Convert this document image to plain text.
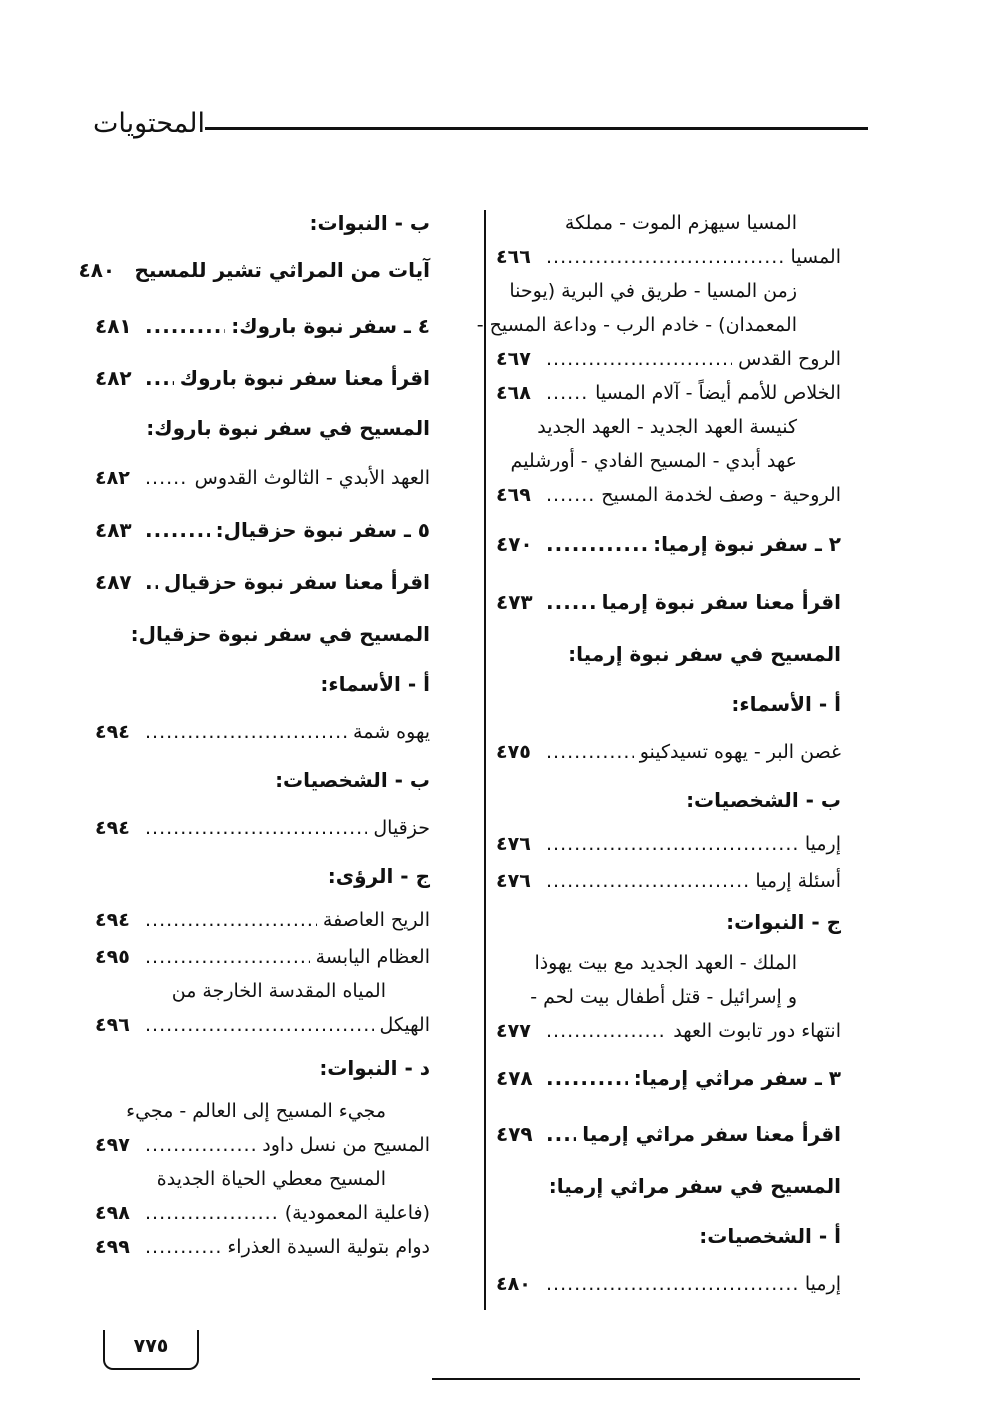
المحتويات
المسيا سيهزم الموت - مملكة
المسيا
.....
٤٦٦
زمن المسيا - طريق في البرية (يوحنا
المعمدان) - خادم الرب - وداعة المسيح -
الروح القدس
.....
٤٦٧
الخلاص للأمم أيضاً - آلام المسيا
.....
٤٦٨
كنيسة العهد الجديد - العهد الجديد
عهد أبدي - المسيح الفادي - أورشليم
الروحية - وصف لخدمة المسيح
.....
٤٦٩
٢ ـ سفر نبوة إرميا:
.....
٤٧٠
اقرأ معنا سفر نبوة إرميا
.....
٤٧٣
المسيح في سفر نبوة إرميا:
أ - الأسماء:
غصن البر - يهوه تسيدكينو
.....
٤٧٥
ب - الشخصيات:
إرميا
.....
٤٧٦
أسئلة إرميا
.....
٤٧٦
ج - النبوات:
الملك - العهد الجديد مع بيت يهوذا
و إسرائيل - قتل أطفال بيت لحم -
انتهاء دور تابوت العهد
.....
٤٧٧
٣ ـ سفر مراثي إرميا:
.....
٤٧٨
اقرأ معنا سفر مراثي إرميا
.....
٤٧٩
المسيح في سفر مراثي إرميا:
أ - الشخصيات:
إرميا
.....
٤٨٠
ب - النبوات:
آيات من المراثي تشير للمسيح
٤٨٠
٤ ـ سفر نبوة باروك:
.....
٤٨١
اقرأ معنا سفر نبوة باروك
.....
٤٨٢
المسيح في سفر نبوة باروك:
العهد الأبدي - الثالوث القدوس
.....
٤٨٢
٥ ـ سفر نبوة حزقيال:
.....
٤٨٣
اقرأ معنا سفر نبوة حزقيال
.....
٤٨٧
المسيح في سفر نبوة حزقيال:
أ - الأسماء:
يهوه شمة
.....
٤٩٤
ب - الشخصيات:
حزقيال
.....
٤٩٤
ج - الرؤى:
الريح العاصفة
.....
٤٩٤
العظام اليابسة
.....
٤٩٥
المياه المقدسة الخارجة من
الهيكل
.....
٤٩٦
د - النبوات:
مجيء المسيح إلى العالم - مجيء
المسيح من نسل داود
.....
٤٩٧
المسيح معطي الحياة الجديدة
(فاعلية المعمودية)
.....
٤٩٨
دوام بتولية السيدة العذراء
.....
٤٩٩
٧٧٥
